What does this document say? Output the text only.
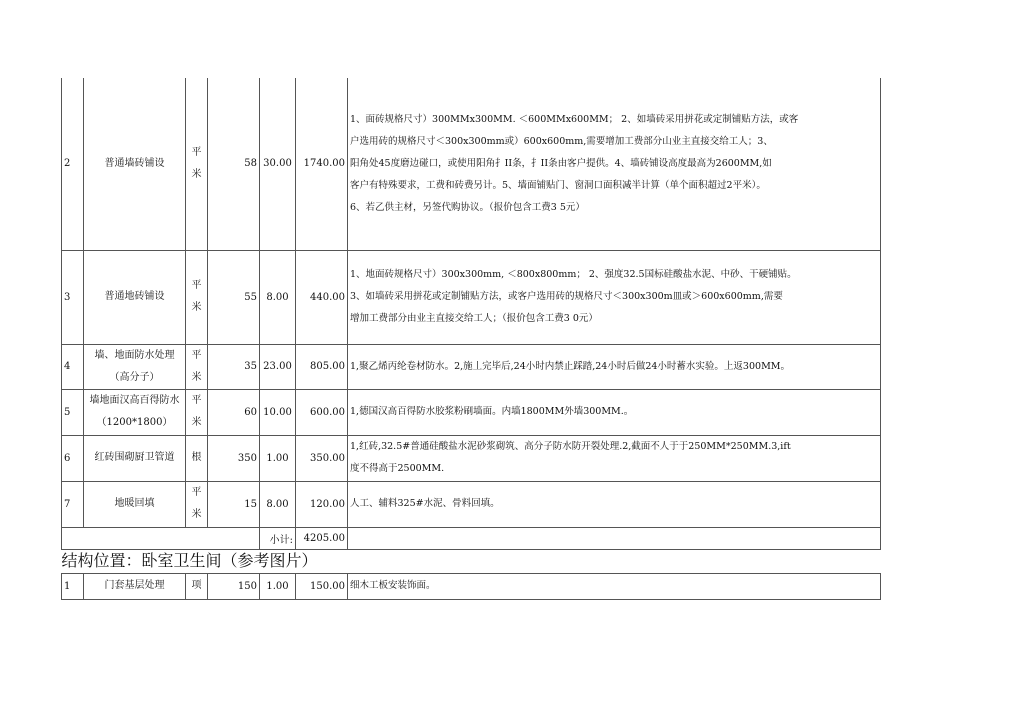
2	普通墙砖铺设	平米	58	30.00	1740.00	1、面砖规格尺寸）300MMx300MM. ＜600MMx600MM； 2、如墙砖采用拼花或定制铺贴方法，或客
户选用砖的规格尺寸＜300x300mm或）600x600mm,需要增加工费部分山业主直接交给工人；3、
阳角处45度磨边碰口，或使用阳角扌II条，扌II条由客户提供。4、墙砖铺设高度最高为2600MM,如
客户有特殊要求，工费和砖费另计。5、墙面铺贴门、窗洞口面积减半计算（单个面积超过2平米）。
6、若乙供主材，另签代购协议。（报价包含工费3 5元）

3	普通地砖铺设	平米	55	8.00	440.00	1、地面砖规格尺寸）300x300mm, ＜800x800mm； 2、强度32.5国标硅酸盐水泥、中砂、干硬铺贴。
3、如墙砖采用拼花或定制铺贴方法，或客户选用砖的规格尺寸＜300x300m皿或＞600x600mm,需要
增加工费部分由业主直接交给工人；（报价包含工费3 0元）

4	墙、地面防水处理（高分子）	平米	35	23.00	805.00	1,聚乙烯丙纶卷材防水。2,施丄完毕后,24小时内禁止踩踏,24小时后做24小时蓄水实验。上返300MM。

5	墙地面汉高百得防水（1200*1800）	平米	60	10.00	600.00	1,德国汉高百得防水胶浆粉刷墙面。内墙1800MM外墙300MM.。

6	红砖围砌厨卫管道	根	350	1.00	350.00	1,红砖,32.5#普通硅酸盐水泥砂浆砌筑、高分子防水防开裂处理.2,截面不人于于250MM*250MM.3,ift
度不得高于2500MM.

7	地暖回填	平米	15	8.00	120.00	人工、辅料325#水泥、骨料回填。

				小计:	4205.00	
结构位置：卧室卫生间（参考图片）						
1	门套基层处理	项	150	1.00	150.00	细木工板安装饰面。
